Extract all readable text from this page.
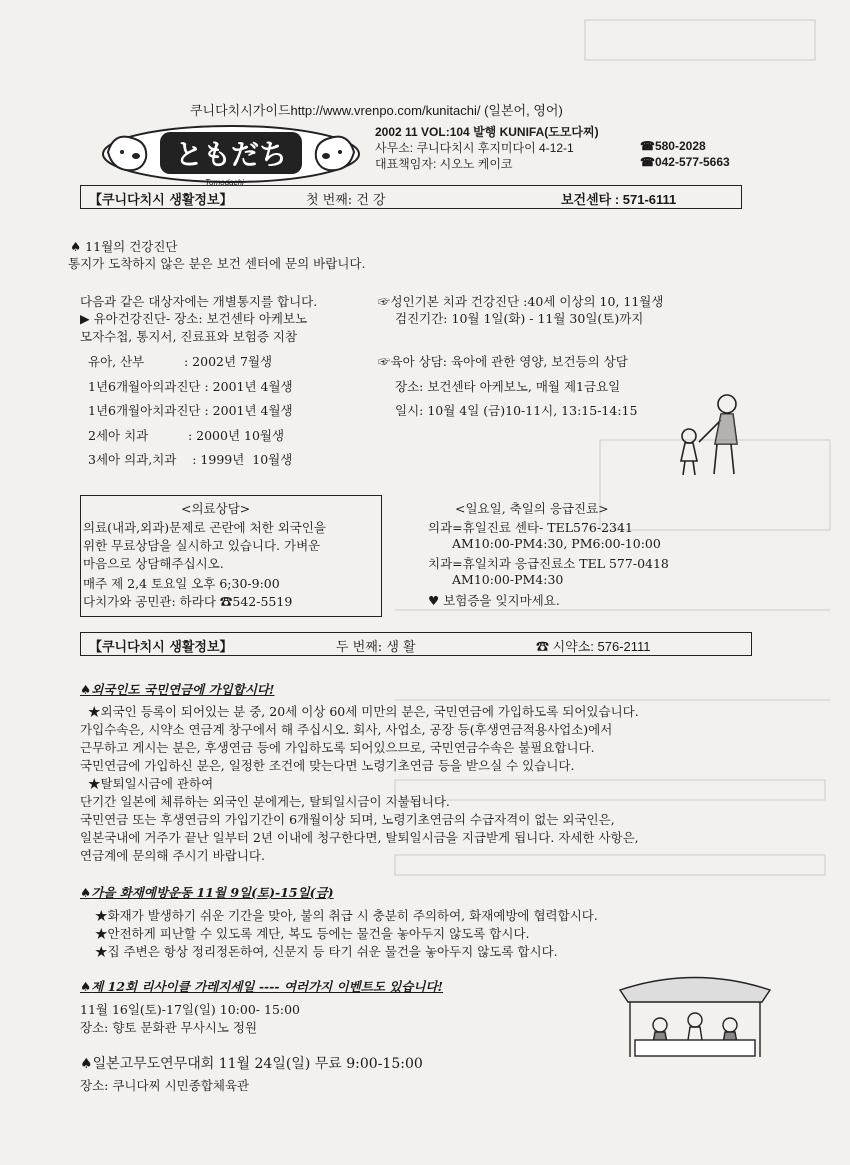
쿠니다치시가이드http://www.vrenpo.com/kunitachi/ (일본어, 영어)
ともだち
Tomodachi
2002 11 VOL:104 발행 KUNIFA(도모다찌)
사무소: 쿠니다치시 후지미다이 4-12-1	☎580-2028
대표책임자: 시오노 케이코	☎042-577-5663
【쿠니다치시 생활정보】	첫 번째: 건 강	보건센타 : 571-6111

♠ 11월의 건강진단

통지가 도착하지 않은 분은 보건 센터에 문의 바랍니다.

다음과 같은 대상자에는 개별통지를 합니다.

▶ 유아건강진단- 장소: 보건센타 아케보노

모자수첩, 통지서, 진료표와 보험증 지참

유아, 산부          : 2002년 7월생

1년6개월아의과진단 : 2001년 4월생

1년6개월아치과진단 : 2001년 4월생

2세아 치과          : 2000년 10월생

3세아 의과,치과    : 1999년  10월생

☞성인기본 치과 건강진단 :40세 이상의 10, 11월생

검진기간: 10월 1일(화) - 11월 30일(토)까지

☞육아 상담: 육아에 관한 영양, 보건등의 상담

장소: 보건센타 아케보노, 매월 제1금요일

일시: 10월 4일 (금)10-11시, 13:15-14:15

<의료상담>

의료(내과,외과)문제로 곤란에 처한 외국인을

위한 무료상담을 실시하고 있습니다. 가벼운

마음으로 상담해주십시오.

매주 제 2,4 토요일 오후 6;30-9:00

다치가와 공민관: 하라다 ☎542-5519

<일요일, 축일의 응급진료>

의과=휴일진료 센타- TEL576-2341

AM10:00-PM4:30, PM6:00-10:00

치과=휴일치과 응급진료소 TEL 577-0418

AM10:00-PM4:30

♥ 보험증을 잊지마세요.

【쿠니다치시 생활정보】	두 번째: 생 활	☎ 시약소: 576-2111

♠외국인도 국민연금에 가입합시다!

★외국인 등록이 되어있는 분 중, 20세 이상 60세 미만의 분은, 국민연금에 가입하도록 되어있습니다.

가입수속은, 시약소 연금계 창구에서 해 주십시오. 회사, 사업소, 공장 등(후생연금적용사업소)에서

근무하고 게시는 분은, 후생연금 등에 가입하도록 되어있으므로, 국민연금수속은 불필요합니다.

국민연금에 가입하신 분은, 일정한 조건에 맞는다면 노령기초연금 등을 받으실 수 있습니다.

★탈퇴일시금에 관하여

단기간 일본에 체류하는 외국인 분에게는, 탈퇴일시금이 지불됩니다.

국민연금 또는 후생연금의 가입기간이 6개월이상 되며, 노령기초연금의 수급자격이 없는 외국인은,

일본국내에 거주가 끝난 일부터 2년 이내에 청구한다면, 탈퇴일시금을 지급받게 됩니다. 자세한 사항은,

연금계에 문의해 주시기 바랍니다.

♠가을 화재예방운동 11월 9일(토)-15일(금)

★화재가 발생하기 쉬운 기간을 맞아, 불의 취급 시 충분히 주의하여, 화재예방에 협력합시다.

★안전하게 피난할 수 있도록 계단, 복도 등에는 물건을 놓아두지 않도록 합시다.

★집 주변은 항상 정리정돈하여, 신문지 등 타기 쉬운 물건을 놓아두지 않도록 합시다.

♠제 12회 리사이클 가레지세일 ---- 여러가지 이벤트도 있습니다!

11월 16일(토)-17일(일) 10:00- 15:00

장소: 향토 문화관 무사시노 정원

♠일본고무도연무대회 11월 24일(일) 무료 9:00-15:00

장소: 쿠니다찌 시민종합체육관
